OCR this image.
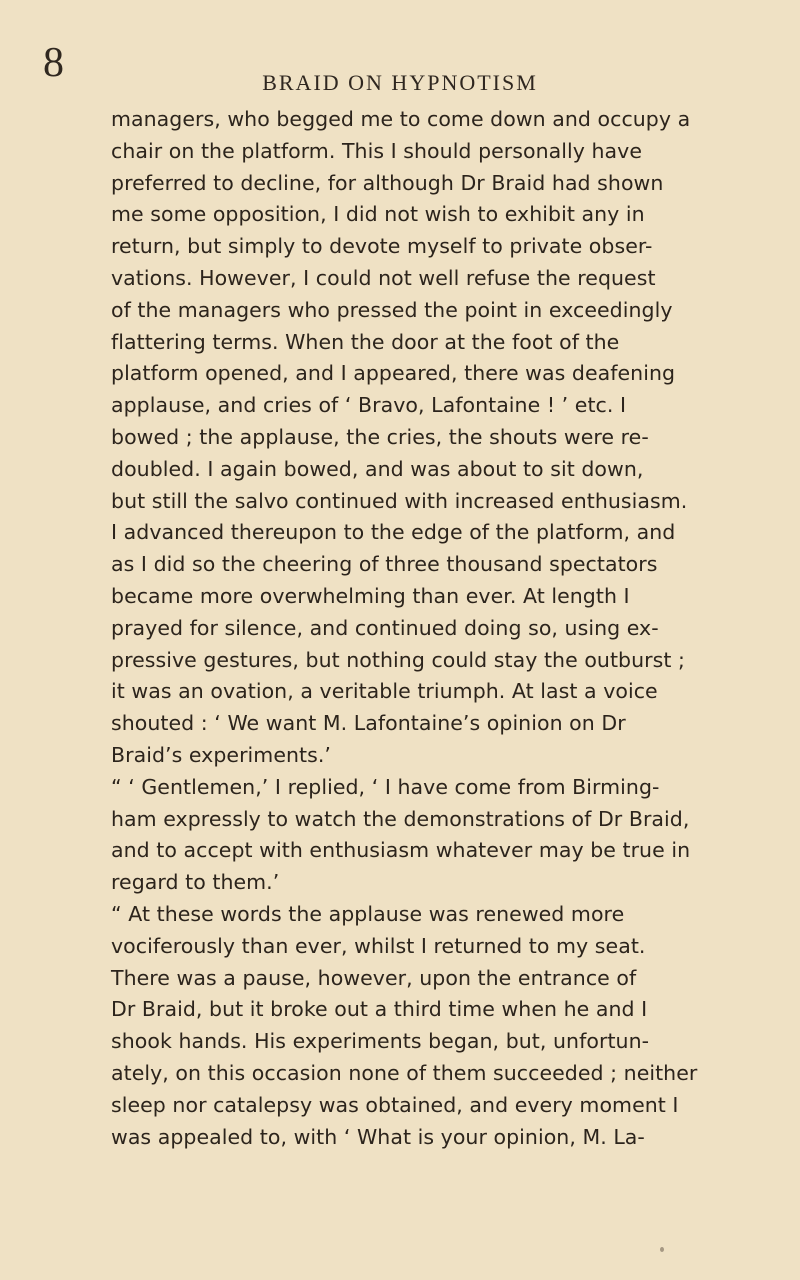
8	BRAID ON HYPNOTISM
managers, who begged me to come down and occupy a
chair on the platform. This I should personally have
preferred to decline, for although Dr Braid had shown
me some opposition, I did not wish to exhibit any in
return, but simply to devote myself to private obser-
vations. However, I could not well refuse the request
of the managers who pressed the point in exceedingly
flattering terms. When the door at the foot of the
platform opened, and I appeared, there was deafening
applause, and cries of ‘ Bravo, Lafontaine ! ’ etc. I
bowed ; the applause, the cries, the shouts were re-
doubled. I again bowed, and was about to sit down,
but still the salvo continued with increased enthusiasm.
I advanced thereupon to the edge of the platform, and
as I did so the cheering of three thousand spectators
became more overwhelming than ever. At length I
prayed for silence, and continued doing so, using ex-
pressive gestures, but nothing could stay the outburst ;
it was an ovation, a veritable triumph. At last a voice
shouted : ‘ We want M. Lafontaine’s opinion on Dr
Braid’s experiments.’
“ ‘ Gentlemen,’ I replied, ‘ I have come from Birming-
ham expressly to watch the demonstrations of Dr Braid,
and to accept with enthusiasm whatever may be true in
regard to them.’
“ At these words the applause was renewed more
vociferously than ever, whilst I returned to my seat.
There was a pause, however, upon the entrance of
Dr Braid, but it broke out a third time when he and I
shook hands. His experiments began, but, unfortun-
ately, on this occasion none of them succeeded ; neither
sleep nor catalepsy was obtained, and every moment I
was appealed to, with ‘ What is your opinion, M. La-
